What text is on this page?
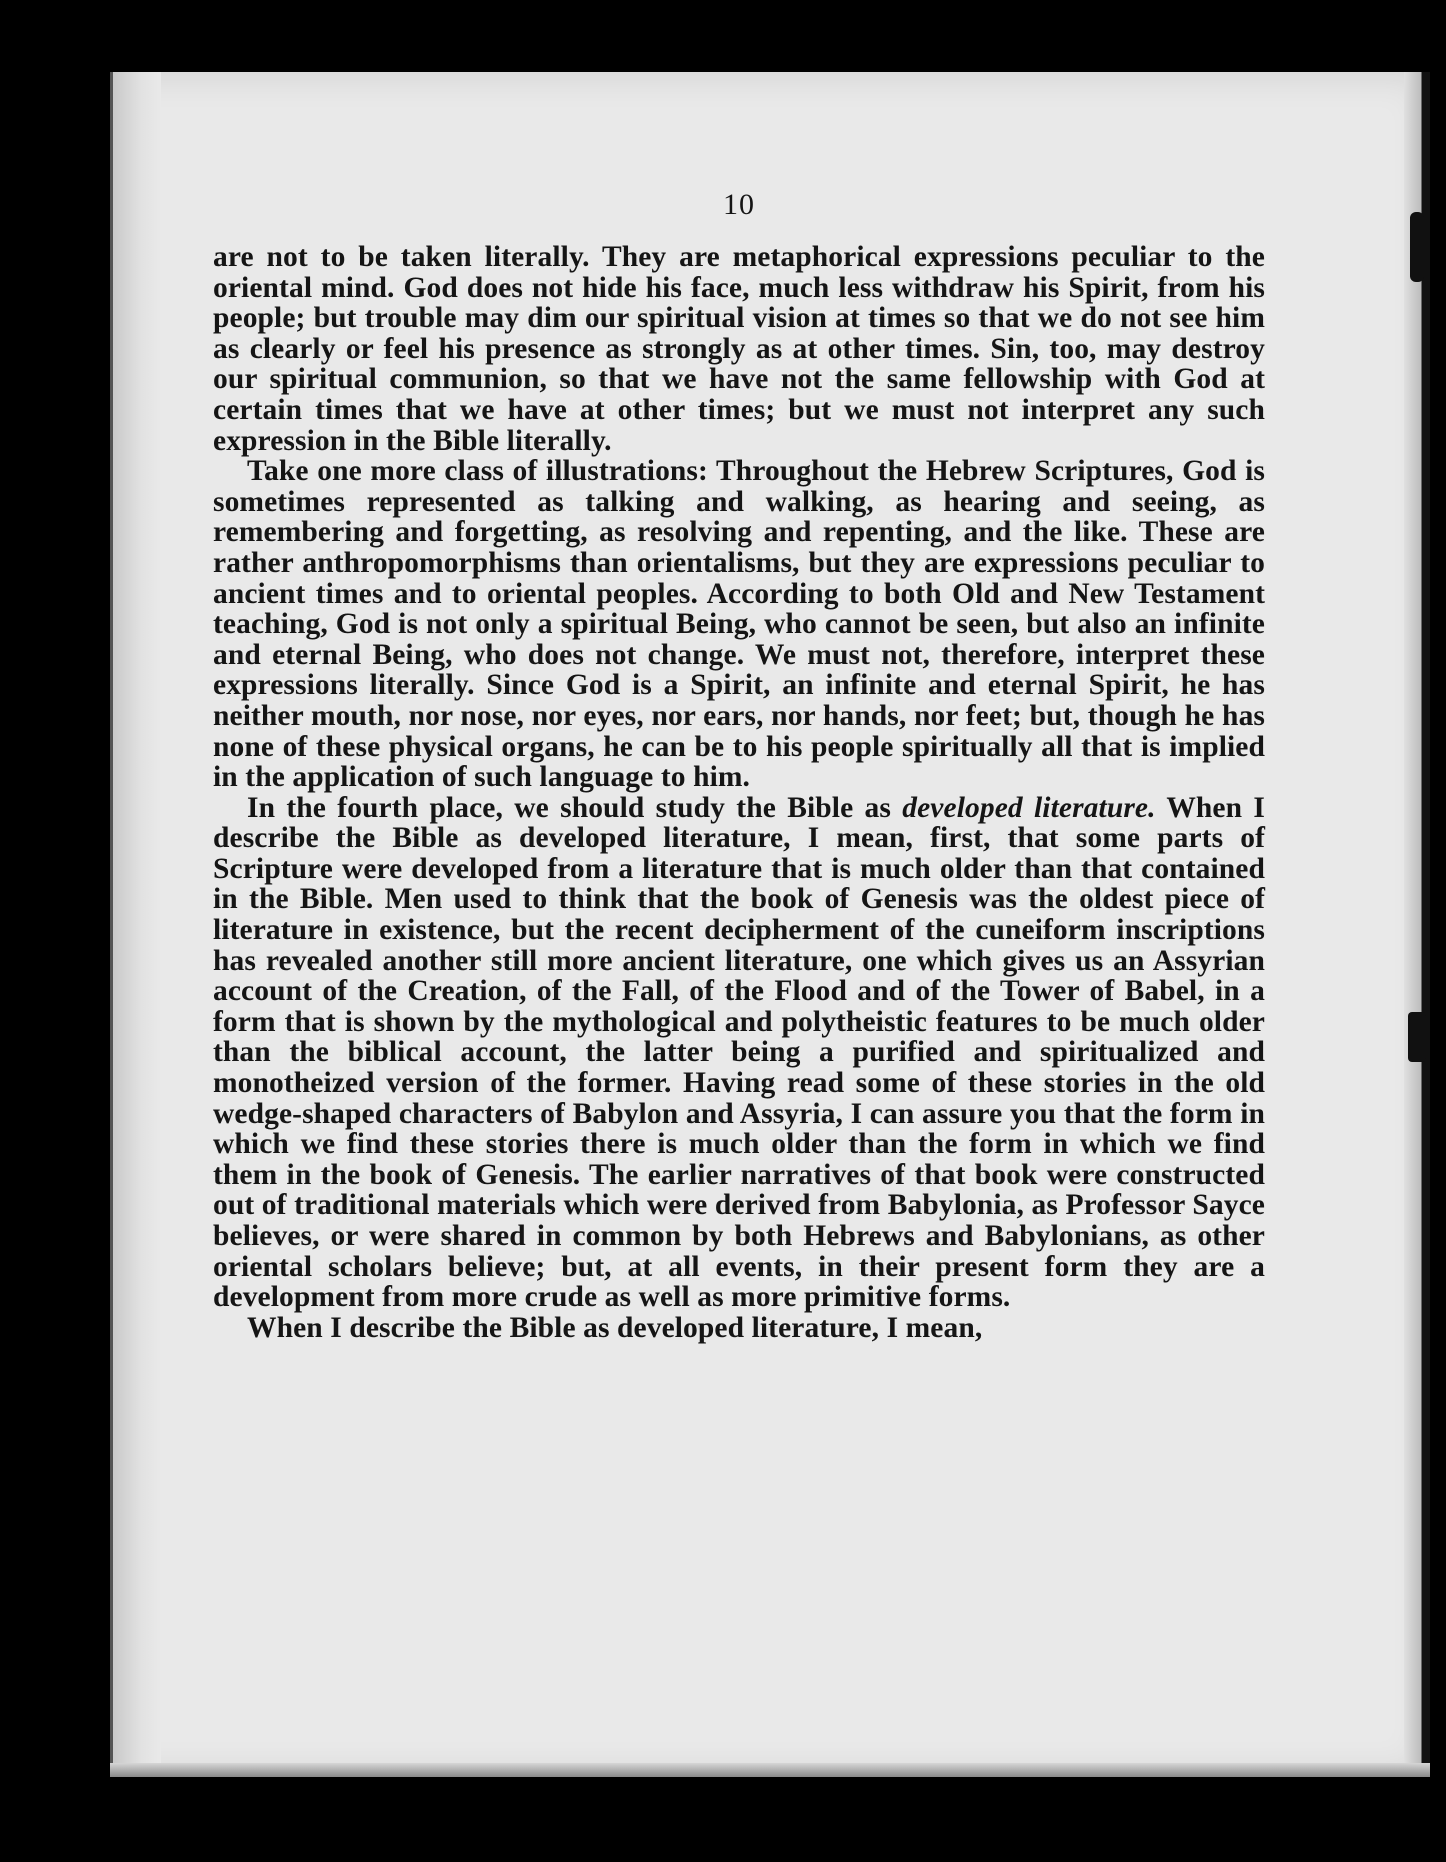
10

are not to be taken literally. They are metaphorical expressions peculiar to the oriental mind. God does not hide his face, much less withdraw his Spirit, from his people; but trouble may dim our spiritual vision at times so that we do not see him as clearly or feel his presence as strongly as at other times. Sin, too, may destroy our spiritual communion, so that we have not the same fellowship with God at certain times that we have at other times; but we must not interpret any such expression in the Bible literally.

Take one more class of illustrations: Throughout the Hebrew Scriptures, God is sometimes represented as talking and walking, as hearing and seeing, as remembering and forgetting, as resolving and repenting, and the like. These are rather anthropomorphisms than orientalisms, but they are expressions peculiar to ancient times and to oriental peoples. According to both Old and New Testament teaching, God is not only a spiritual Being, who cannot be seen, but also an infinite and eternal Being, who does not change. We must not, therefore, interpret these expressions literally. Since God is a Spirit, an infinite and eternal Spirit, he has neither mouth, nor nose, nor eyes, nor ears, nor hands, nor feet; but, though he has none of these physical organs, he can be to his people spiritually all that is implied in the application of such language to him.

In the fourth place, we should study the Bible as developed literature. When I describe the Bible as developed literature, I mean, first, that some parts of Scripture were developed from a literature that is much older than that contained in the Bible. Men used to think that the book of Genesis was the oldest piece of literature in existence, but the recent decipherment of the cuneiform inscriptions has revealed another still more ancient literature, one which gives us an Assyrian account of the Creation, of the Fall, of the Flood and of the Tower of Babel, in a form that is shown by the mythological and polytheistic features to be much older than the biblical account, the latter being a purified and spiritualized and monotheized version of the former. Having read some of these stories in the old wedge-shaped characters of Babylon and Assyria, I can assure you that the form in which we find these stories there is much older than the form in which we find them in the book of Genesis. The earlier narratives of that book were constructed out of traditional materials which were derived from Babylonia, as Professor Sayce believes, or were shared in common by both Hebrews and Babylonians, as other oriental scholars believe; but, at all events, in their present form they are a development from more crude as well as more primitive forms.

When I describe the Bible as developed literature, I mean,
